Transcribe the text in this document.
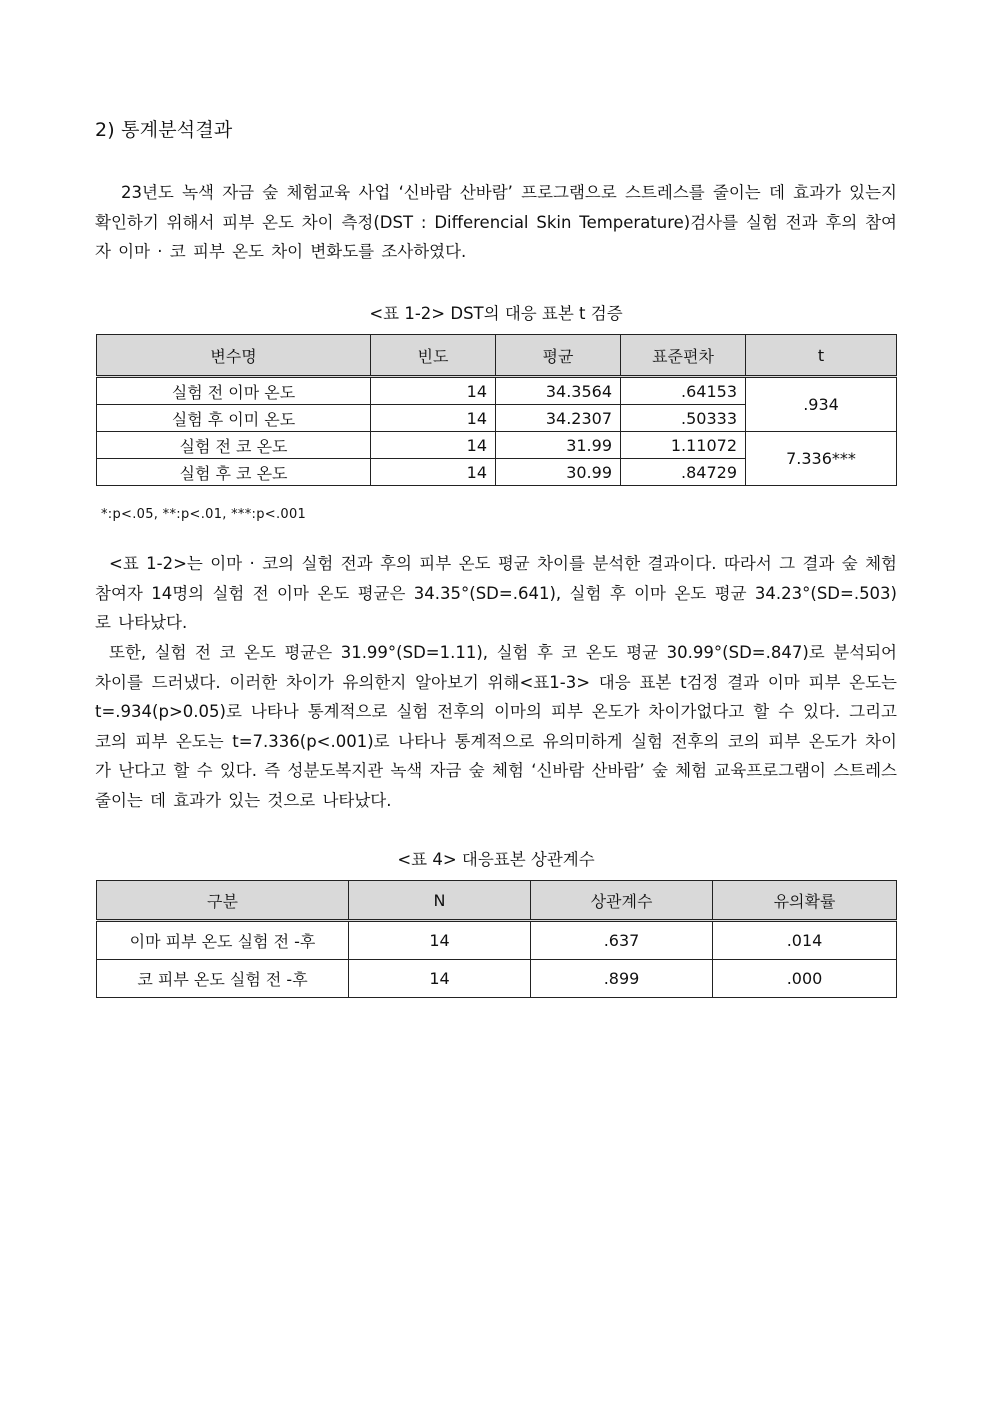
2) 통계분석결과
23년도 녹색 자금 숲 체험교육 사업 ‘신바람 산바람’ 프로그램으로 스트레스를 줄이는 데 효과가 있는지 확인하기 위해서 피부 온도 차이 측정(DST : Differencial Skin Temperature)검사를 실험 전과 후의 참여자 이마 · 코 피부 온도 차이 변화도를 조사하였다.
<표 1-2> DST의 대응 표본 t 검증
변수명	빈도	평균	표준편차	t
실험 전 이마 온도	14	34.3564	.64153	.934
실험 후 이미 온도	14	34.2307	.50333	
실험 전 코 온도	14	31.99	1.11072	7.336***
실험 후 코 온도	14	30.99	.84729	
*:p<.05, **:p<.01, ***:p<.001
<표 1-2>는 이마 · 코의 실험 전과 후의 피부 온도 평균 차이를 분석한 결과이다. 따라서 그 결과 숲 체험 참여자 14명의 실험 전 이마 온도 평균은 34.35°(SD=.641), 실험 후 이마 온도 평균 34.23°(SD=.503)로 나타났다.
또한, 실험 전 코 온도 평균은 31.99°(SD=1.11), 실험 후 코 온도 평균 30.99°(SD=.847)로 분석되어 차이를 드러냈다. 이러한 차이가 유의한지 알아보기 위해<표1-3> 대응 표본 t검정 결과 이마 피부 온도는 t=.934(p>0.05)로 나타나 통계적으로 실험 전후의 이마의 피부 온도가 차이가없다고 할 수 있다. 그리고 코의 피부 온도는 t=7.336(p<.001)로 나타나 통계적으로 유의미하게 실험 전후의 코의 피부 온도가 차이가 난다고 할 수 있다. 즉 성분도복지관 녹색 자금 숲 체험 ‘신바람 산바람’ 숲 체험 교육프로그램이 스트레스 줄이는 데 효과가 있는 것으로 나타났다.
<표 4> 대응표본 상관계수
구분	N	상관계수	유의확률
이마 피부 온도 실험 전 -후	14	.637	.014
코 피부 온도 실험 전 -후	14	.899	.000
